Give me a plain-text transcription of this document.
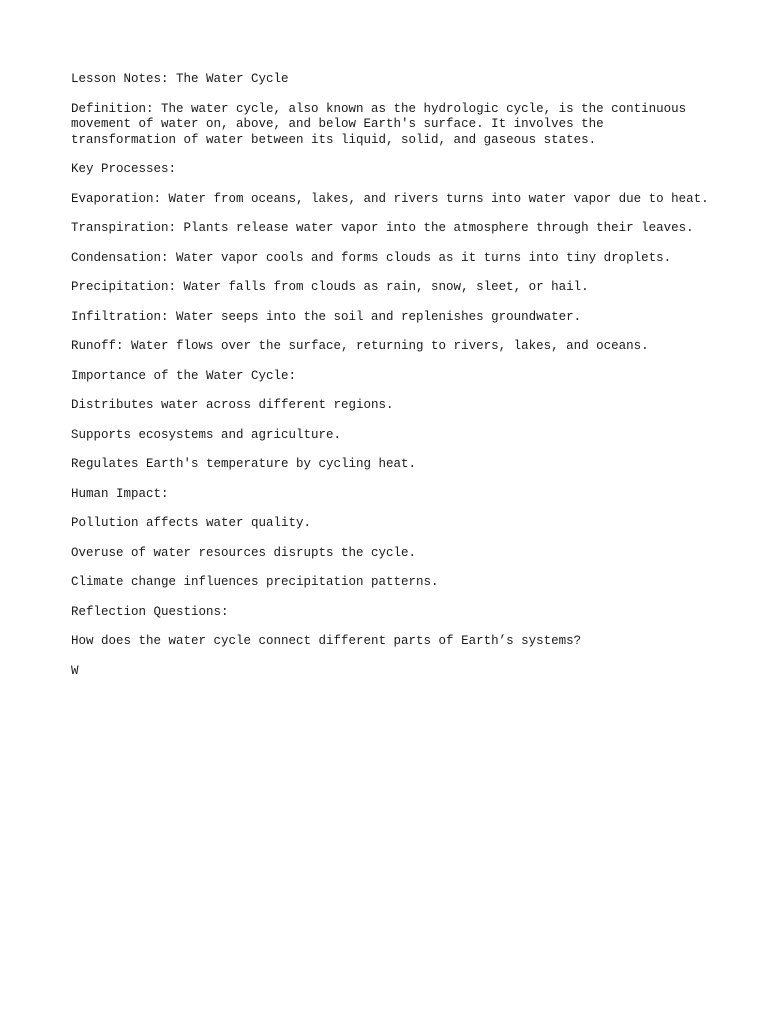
Lesson Notes: The Water Cycle

Definition: The water cycle, also known as the hydrologic cycle, is the continuous movement of water on, above, and below Earth's surface. It involves the transformation of water between its liquid, solid, and gaseous states.

Key Processes:

Evaporation: Water from oceans, lakes, and rivers turns into water vapor due to heat.

Transpiration: Plants release water vapor into the atmosphere through their leaves.

Condensation: Water vapor cools and forms clouds as it turns into tiny droplets.

Precipitation: Water falls from clouds as rain, snow, sleet, or hail.

Infiltration: Water seeps into the soil and replenishes groundwater.

Runoff: Water flows over the surface, returning to rivers, lakes, and oceans.

Importance of the Water Cycle:

Distributes water across different regions.

Supports ecosystems and agriculture.

Regulates Earth's temperature by cycling heat.

Human Impact:

Pollution affects water quality.

Overuse of water resources disrupts the cycle.

Climate change influences precipitation patterns.

Reflection Questions:

How does the water cycle connect different parts of Earth’s systems?

W
